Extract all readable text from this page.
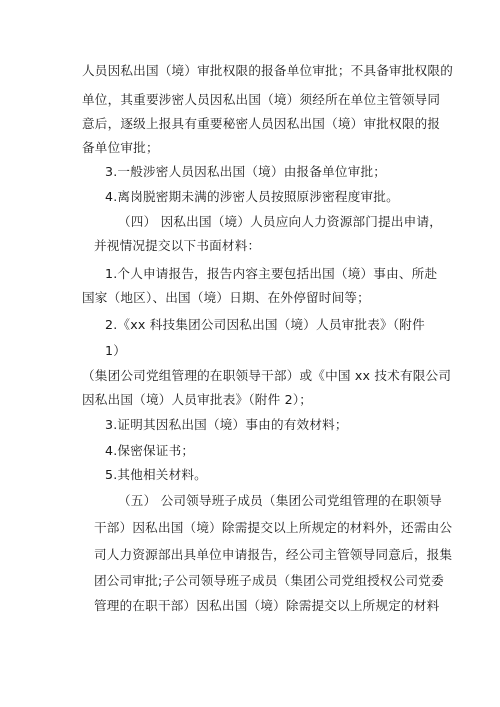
人员因私出国（境）审批权限的报备单位审批；不具备审批权限的
单位，其重要涉密人员因私出国（境）须经所在单位主管领导同
意后，逐级上报具有重要秘密人员因私出国（境）审批权限的报
备单位审批；
3.一般涉密人员因私出国（境）由报备单位审批；
4.离岗脱密期未满的涉密人员按照原涉密程度审批。
（四） 因私出国（境）人员应向人力资源部门提出申请，
并视情况提交以下书面材料：
1.个人申请报告，报告内容主要包括出国（境）事由、所赴
国家（地区）、出国（境）日期、在外停留时间等；
2.《xx 科技集团公司因私出国（境）人员审批表》（附件
1）
（集团公司党组管理的在职领导干部）或《中国 xx 技术有限公司
因私出国（境）人员审批表》（附件 2）；
3.证明其因私出国（境）事由的有效材料；
4.保密保证书；
5.其他相关材料。
（五） 公司领导班子成员（集团公司党组管理的在职领导
干部）因私出国（境）除需提交以上所规定的材料外，还需由公
司人力资源部出具单位申请报告，经公司主管领导同意后，报集
团公司审批;子公司领导班子成员（集团公司党组授权公司党委
管理的在职干部）因私出国（境）除需提交以上所规定的材料
